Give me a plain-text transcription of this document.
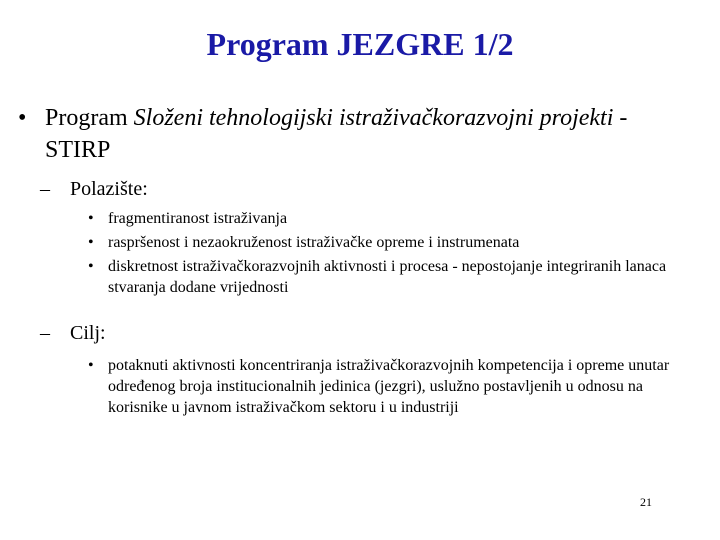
Program JEZGRE 1/2
• Program Složeni tehnologijski istraživačkorazvojni projekti - STIRP
– Polazište:
• fragmentiranost istraživanja
• raspršenost i nezaokruženost istraživačke opreme i instrumenata
• diskretnost istraživačkorazvojnih aktivnosti i procesa - nepostojanje integriranih lanaca stvaranja dodane vrijednosti
– Cilj:
• potaknuti aktivnosti koncentriranja istraživačkorazvojnih kompetencija i opreme unutar određenog broja institucionalnih jedinica (jezgri), uslužno postavljenih u odnosu na korisnike u javnom istraživačkom sektoru i u industriji
21
